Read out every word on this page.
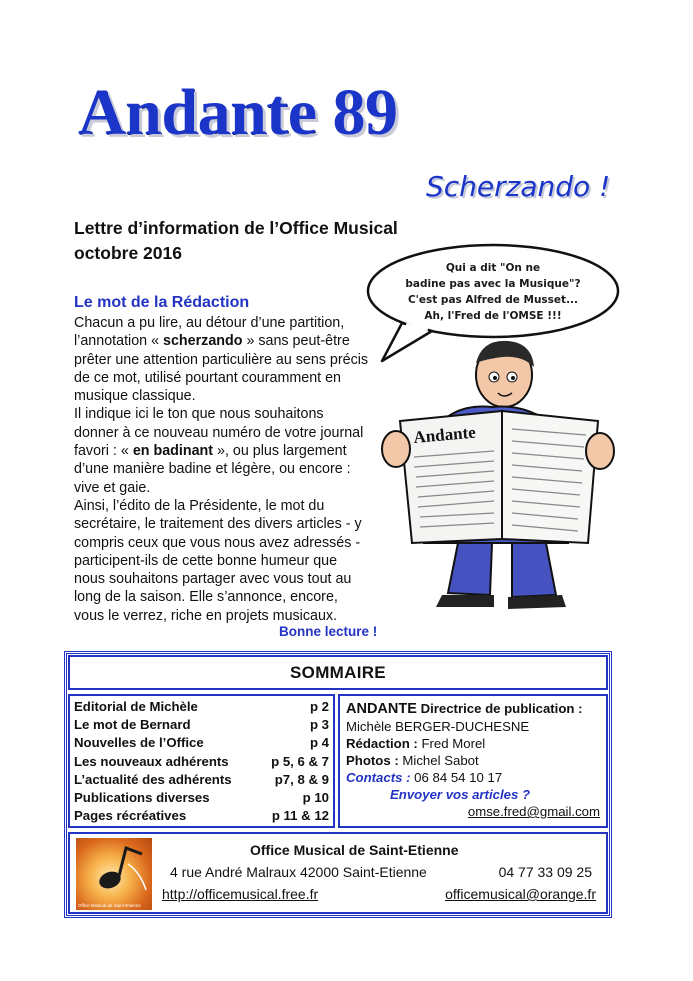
Andante 89
Scherzando !
Lettre d’information de l’Office Musical
octobre 2016
Le mot de la Rédaction
Chacun a pu lire, au détour d’une partition, l’annotation « scherzando » sans peut-être prêter une attention particulière au sens précis de ce mot, utilisé pourtant couramment en musique classique.
Il indique ici le ton que nous souhaitons donner à ce nouveau numéro de votre journal favori : « en badinant », ou plus largement d’une manière badine et légère, ou encore : vive et gaie.
Ainsi, l’édito de la Présidente, le mot du secrétaire, le traitement des divers articles - y compris ceux que vous nous avez adressés - participent-ils de cette bonne humeur que nous souhaitons partager avec vous tout au long de la saison. Elle s’annonce, encore, vous le verrez, riche en projets musicaux.
Bonne lecture !
Qui a dit "On ne
badine pas avec la Musique"?
C'est pas Alfred de Musset...
Ah, l'Fred de l'OMSE !!!
Andante
SOMMAIRE
Editorial de Michèle	p 2
Le mot de Bernard	p 3
Nouvelles de l’Office	p 4
Les nouveaux adhérents	p 5, 6 & 7
L’actualité des adhérents	p7, 8 & 9
Publications diverses	p 10
Pages récréatives	p 11 & 12
ANDANTE Directrice de publication :
Michèle BERGER-DUCHESNE
Rédaction : Fred Morel
Photos : Michel Sabot
Contacts : 06 84 54 10 17
Envoyer vos articles ?
omse.fred@gmail.com
Office Musical de Saint-Etienne
Office Musical de Saint-Etienne
4 rue André Malraux 42000 Saint-Etienne	04 77 33 09 25
http://officemusical.free.fr	officemusical@orange.fr
